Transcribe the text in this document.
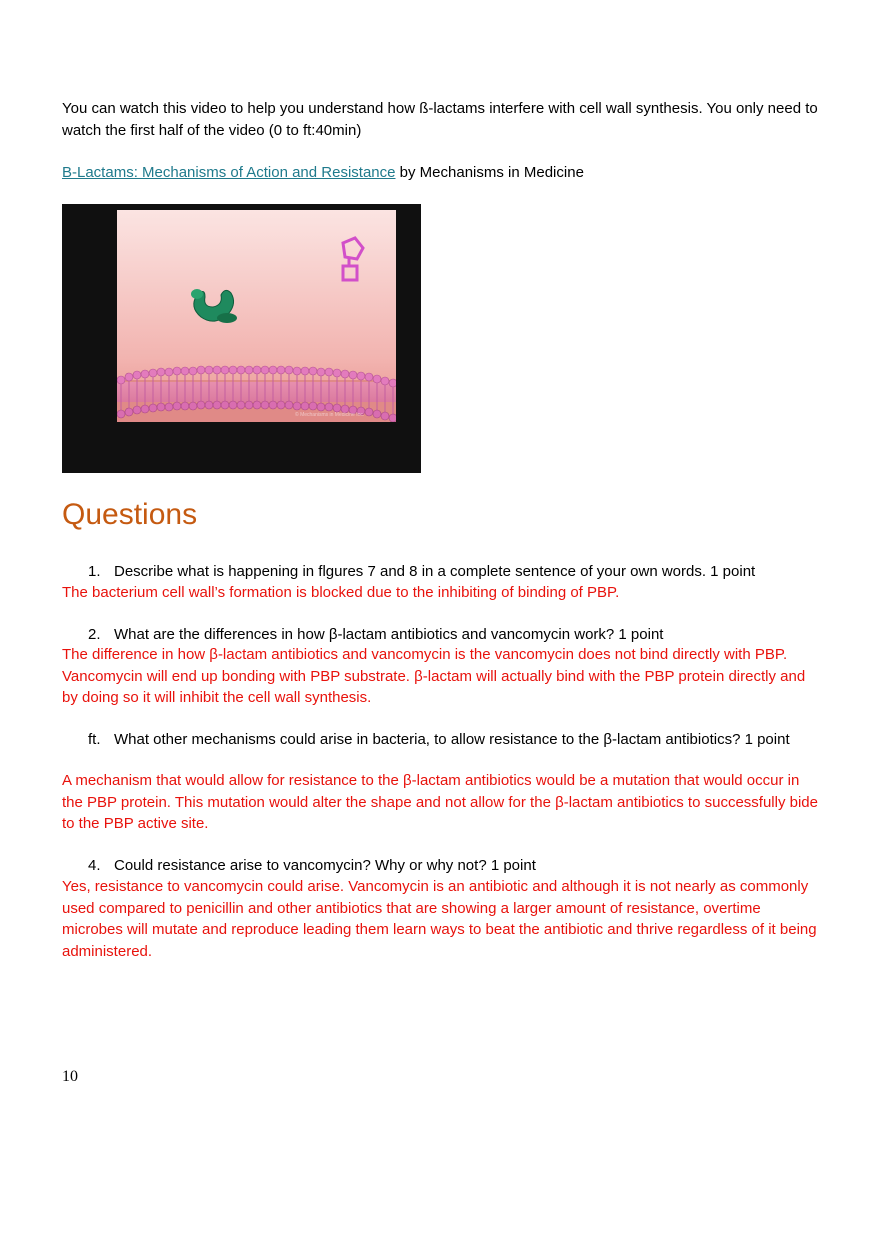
You can watch this video to help you understand how ß-lactams interfere with cell wall synthesis. You only need to watch the first half of the video (0 to ft:40min)
B-Lactams: Mechanisms of Action and Resistance by Mechanisms in Medicine
© Mechanisms in Medicine Inc.
Questions
1. Describe what is happening in flgures 7 and 8 in a complete sentence of your own words. 1 point
The bacterium cell wall’s formation is blocked due to the inhibiting of binding of PBP.
2. What are the differences in how β-lactam antibiotics and vancomycin work? 1 point
The difference in how β-lactam antibiotics and vancomycin is the vancomycin does not bind directly with PBP. Vancomycin will end up bonding with PBP substrate. β-lactam will actually bind with the PBP protein directly and by doing so it will inhibit the cell wall synthesis.
ft. What other mechanisms could arise in bacteria, to allow resistance to the β-lactam antibiotics? 1 point
A mechanism that would allow for resistance to the β-lactam antibiotics would be a mutation that would occur in the PBP protein. This mutation would alter the shape and not allow for the β-lactam antibiotics to successfully bide to the PBP active site.
4. Could resistance arise to vancomycin? Why or why not? 1 point
Yes, resistance to vancomycin could arise. Vancomycin is an antibiotic and although it is not nearly as commonly used compared to penicillin and other antibiotics that are showing a larger amount of resistance, overtime microbes will mutate and reproduce leading them learn ways to beat the antibiotic and thrive regardless of it being administered.
10
